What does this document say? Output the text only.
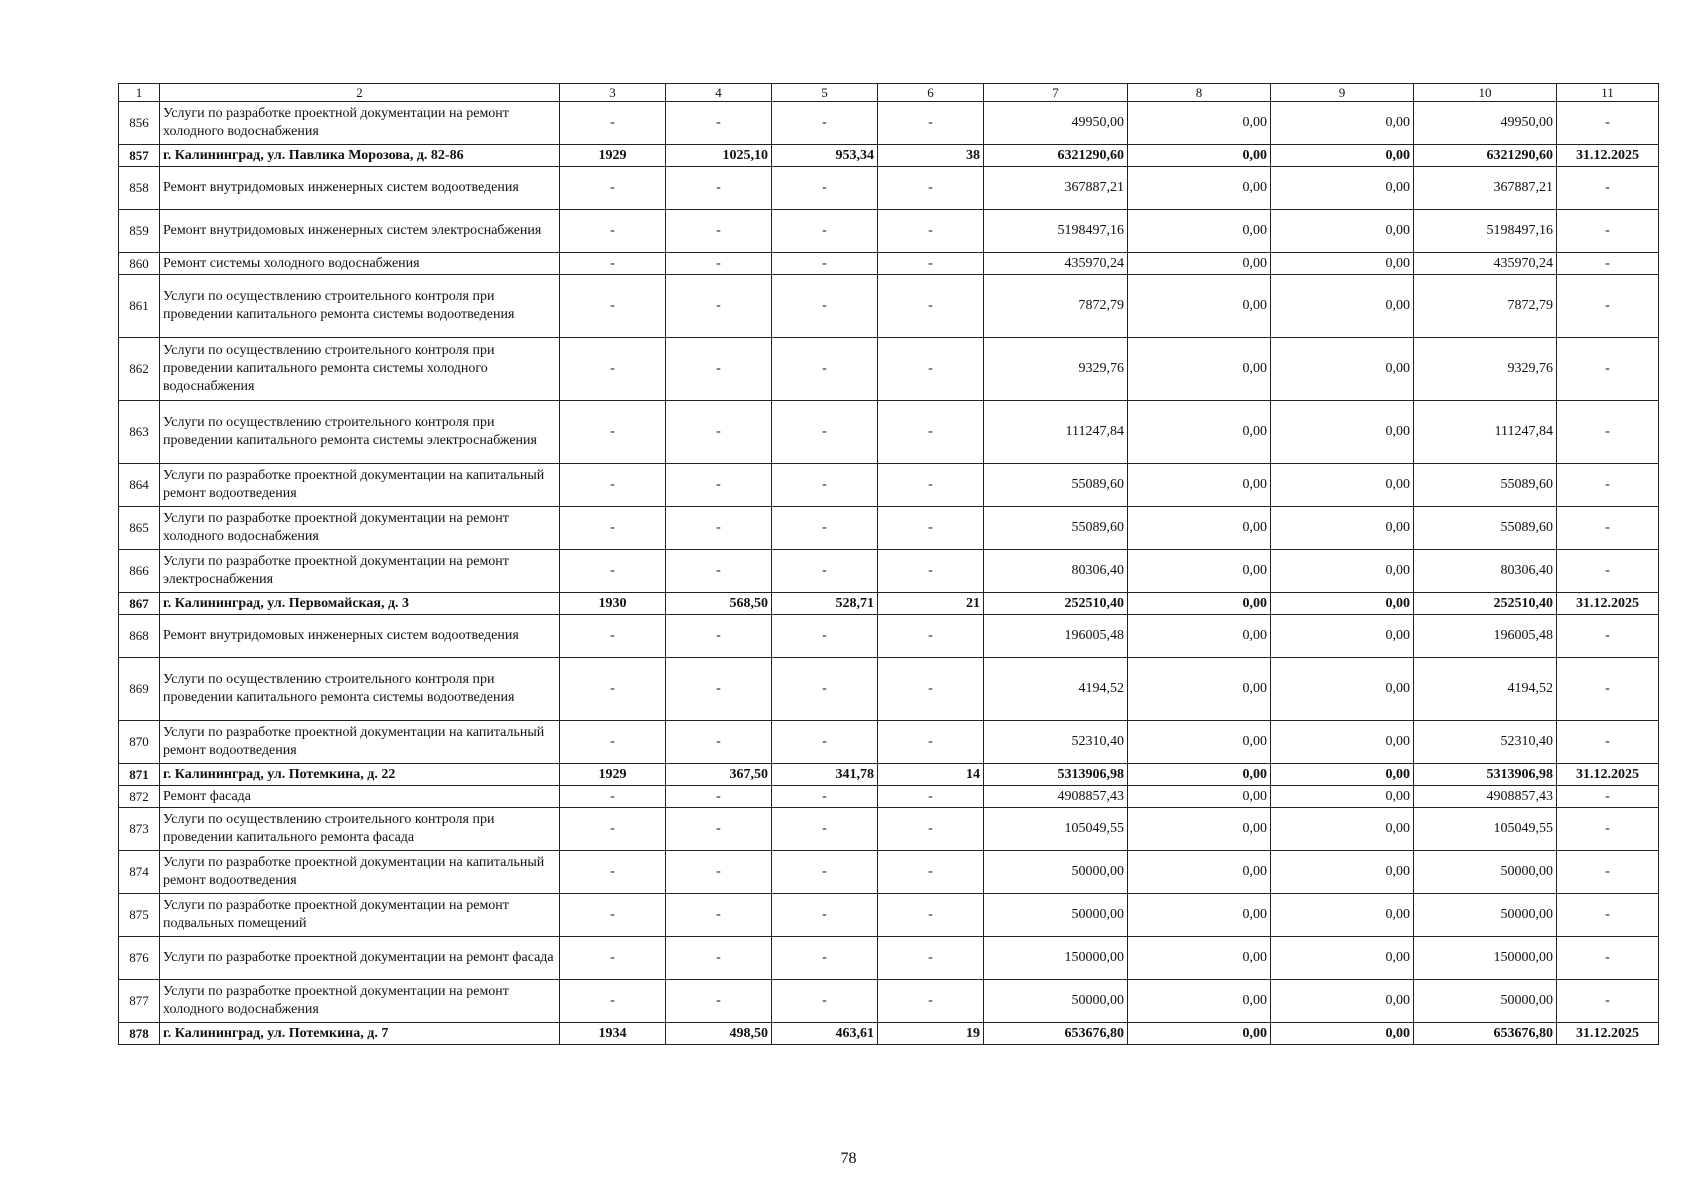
1	2	3	4	5	6	7	8	9	10	11
856	Услуги по разработке проектной документации на ремонт холодного водоснабжения	-	-	-	-	49950,00	0,00	0,00	49950,00	-
857	г. Калининград, ул. Павлика Морозова, д. 82-86	1929	1025,10	953,34	38	6321290,60	0,00	0,00	6321290,60	31.12.2025
858	Ремонт внутридомовых инженерных систем водоотведения	-	-	-	-	367887,21	0,00	0,00	367887,21	-
859	Ремонт внутридомовых инженерных систем электроснабжения	-	-	-	-	5198497,16	0,00	0,00	5198497,16	-
860	Ремонт системы холодного водоснабжения	-	-	-	-	435970,24	0,00	0,00	435970,24	-
861	Услуги по осуществлению строительного контроля при проведении капитального ремонта системы водоотведения	-	-	-	-	7872,79	0,00	0,00	7872,79	-
862	Услуги по осуществлению строительного контроля при проведении капитального ремонта системы холодного водоснабжения	-	-	-	-	9329,76	0,00	0,00	9329,76	-
863	Услуги по осуществлению строительного контроля при проведении капитального ремонта системы электроснабжения	-	-	-	-	111247,84	0,00	0,00	111247,84	-
864	Услуги по разработке проектной документации на капитальный ремонт водоотведения	-	-	-	-	55089,60	0,00	0,00	55089,60	-
865	Услуги по разработке проектной документации на ремонт холодного водоснабжения	-	-	-	-	55089,60	0,00	0,00	55089,60	-
866	Услуги по разработке проектной документации на ремонт электроснабжения	-	-	-	-	80306,40	0,00	0,00	80306,40	-
867	г. Калининград, ул. Первомайская, д. 3	1930	568,50	528,71	21	252510,40	0,00	0,00	252510,40	31.12.2025
868	Ремонт внутридомовых инженерных систем водоотведения	-	-	-	-	196005,48	0,00	0,00	196005,48	-
869	Услуги по осуществлению строительного контроля при проведении капитального ремонта системы водоотведения	-	-	-	-	4194,52	0,00	0,00	4194,52	-
870	Услуги по разработке проектной документации на капитальный ремонт водоотведения	-	-	-	-	52310,40	0,00	0,00	52310,40	-
871	г. Калининград, ул. Потемкина, д. 22	1929	367,50	341,78	14	5313906,98	0,00	0,00	5313906,98	31.12.2025
872	Ремонт фасада	-	-	-	-	4908857,43	0,00	0,00	4908857,43	-
873	Услуги по осуществлению строительного контроля при проведении капитального ремонта фасада	-	-	-	-	105049,55	0,00	0,00	105049,55	-
874	Услуги по разработке проектной документации на капитальный ремонт водоотведения	-	-	-	-	50000,00	0,00	0,00	50000,00	-
875	Услуги по разработке проектной документации на ремонт подвальных помещений	-	-	-	-	50000,00	0,00	0,00	50000,00	-
876	Услуги по разработке проектной документации на ремонт фасада	-	-	-	-	150000,00	0,00	0,00	150000,00	-
877	Услуги по разработке проектной документации на ремонт холодного водоснабжения	-	-	-	-	50000,00	0,00	0,00	50000,00	-
878	г. Калининград, ул. Потемкина, д. 7	1934	498,50	463,61	19	653676,80	0,00	0,00	653676,80	31.12.2025
78
